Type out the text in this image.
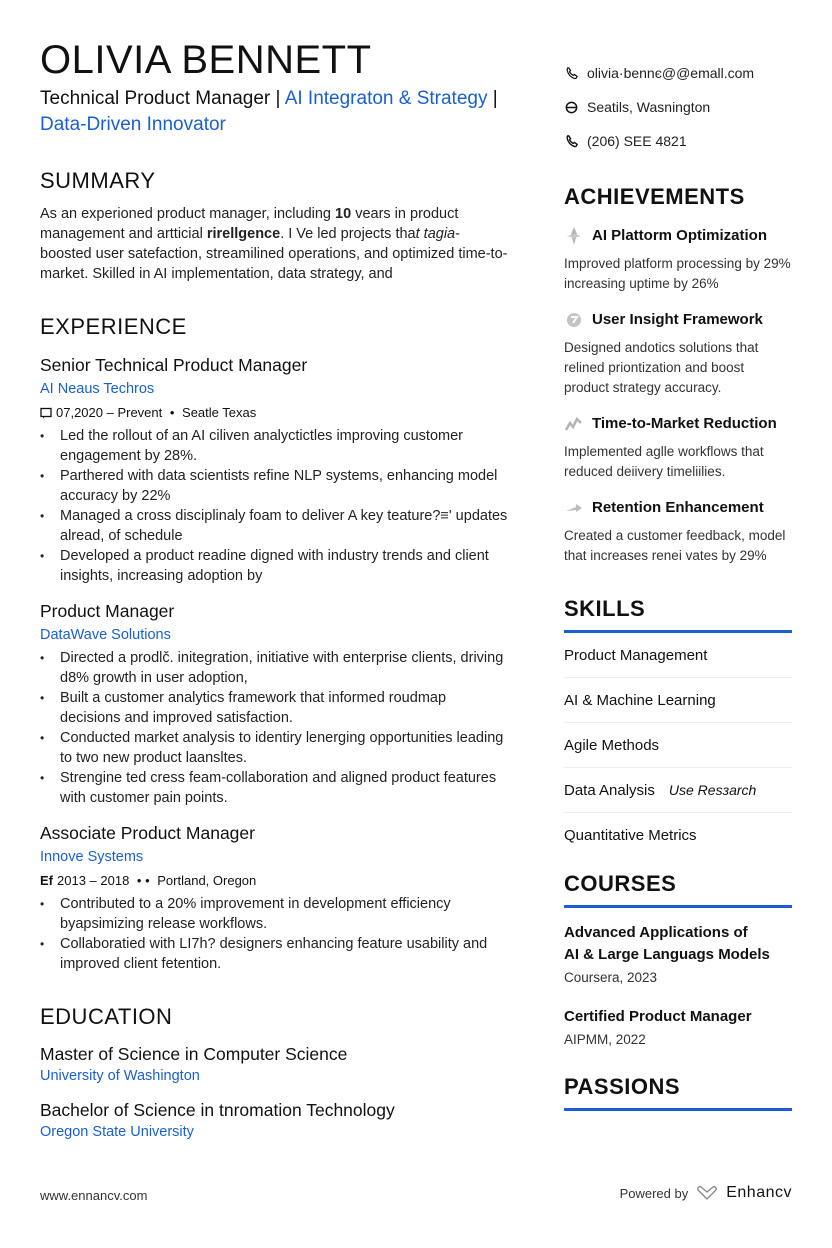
OLIVIA BENNETT
Technical Product Manager | AI Integraton & Strategy | Data-Driven Innovator
SUMMARY
As an experioned product manager, including 10 vears in product management and artticial rirellgence. I Ve led projects that tagia-boosted user satefaction, streamilined operations, and optimized time-to-market. Skilled in AI implementation, data strategy, and
EXPERIENCE
Senior Technical Product Manager
AI Neaus Techros
07,2020 – Prevent • Seatle Texas
• Led the rollout of an AI ciliven analyctictles improving customer engagement by 28%.
• Parthered with data scientists refine NLP systems, enhancing model accuracy by 22%
• Managed a cross disciplinaly foam to deliver A key teature?≡' updates alread, of schedule
• Developed a product readine digned with industry trends and client insights, increasing adoption by
Product Manager
DataWave Solutions
• Directed a prodlč. initegration, initiative with enterprise clients, driving d8% growth in user adoption,
• Built a customer analytics framework that informed roudmap decisions and improved satisfaction.
• Conducted market analysis to identiry lenerging opportunities leading to two new product laansltes.
• Strengine ted cress feam-collaboration and aligned product features with customer pain points.
Associate Product Manager
Innove Systems
Ef 2013 – 2018 • • Portland, Oregon
• Contributed to a 20% improvement in development efficiency byapsimizing release workflows.
• Collaboratied with LI7h? designers enhancing feature usability and improved client fetention.
EDUCATION
Master of Science in Computer Science
University of Washington
Bachelor of Science in tnromation Technology
Oregon State University
olivia·bennє@@emall.com
Seatils, Wasnington
(206) SEE 4821
ACHIEVEMENTS
AI Plattorm Optimization
Improved platform processing by 29% increasing uptime by 26%
User Insight Framework
Designed andotics solutions that relined priontization and boost product strategy accuracy.
Time-to-Market Reduction
Implemented aglle workflows that reduced deiivery timeliilies.
Retention Enhancement
Created a customer feedback, model that increases renei vates by 29%
SKILLS
Product Management
AI & Machine Learning
Agile Methods
Data Analysis Use Resзarch
Quantitative Metrics
COURSES
Advanced Applications of
AI & Large Languags Models
Coursera, 2023
Certified Product Manager
AIPMM, 2022
PASSIONS
www.ennancv.com	Powered by Enhancv
